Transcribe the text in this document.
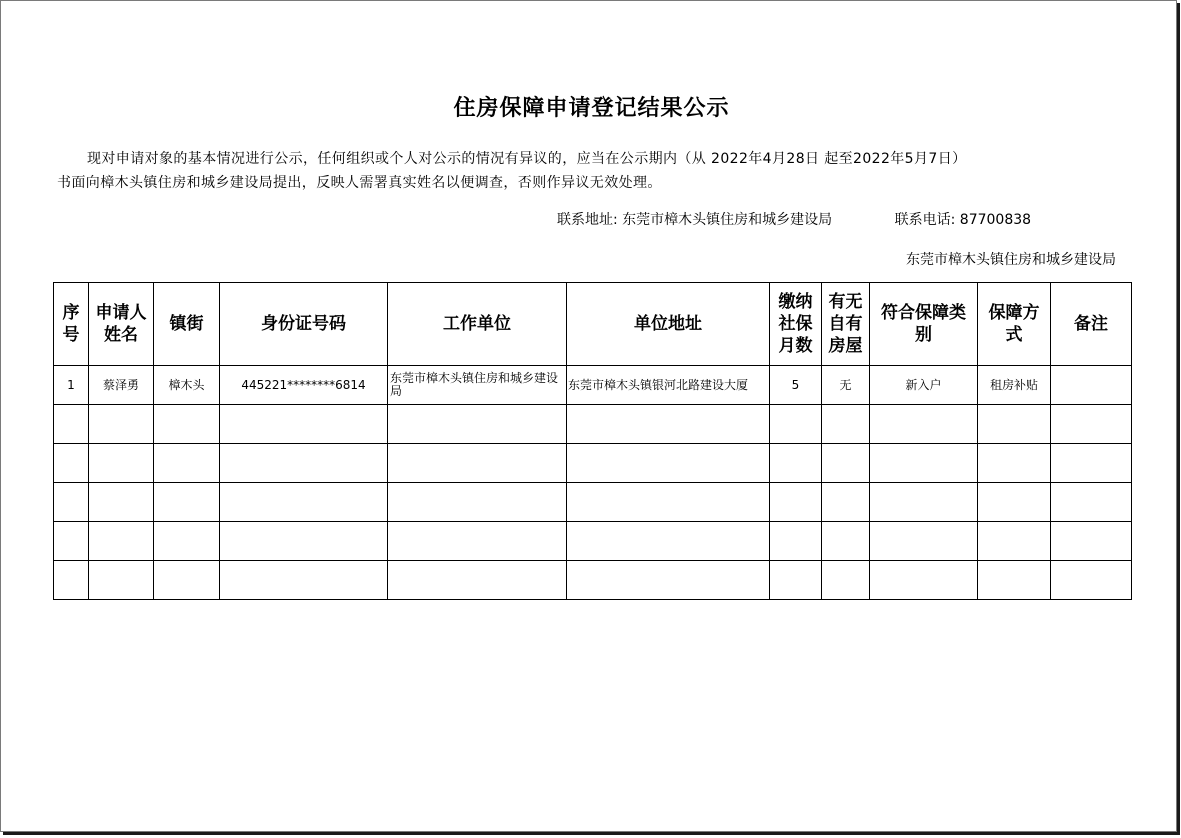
住房保障申请登记结果公示
现对申请对象的基本情况进行公示，任何组织或个人对公示的情况有异议的，应当在公示期内（从 2022年4月28日 起至2022年5月7日）
书面向樟木头镇住房和城乡建设局提出，反映人需署真实姓名以便调查，否则作异议无效处理。
联系地址: 东莞市樟木头镇住房和城乡建设局	联系电话: 87700838
东莞市樟木头镇住房和城乡建设局
序号	申请人姓名	镇街	身份证号码	工作单位	单位地址	缴纳社保月数	有无自有房屋	符合保障类别	保障方式	备注

1	蔡泽勇	樟木头	445221********6814	东莞市樟木头镇住房和城乡建设局	东莞市樟木头镇银河北路建设大厦	5	无	新入户	租房补贴	
